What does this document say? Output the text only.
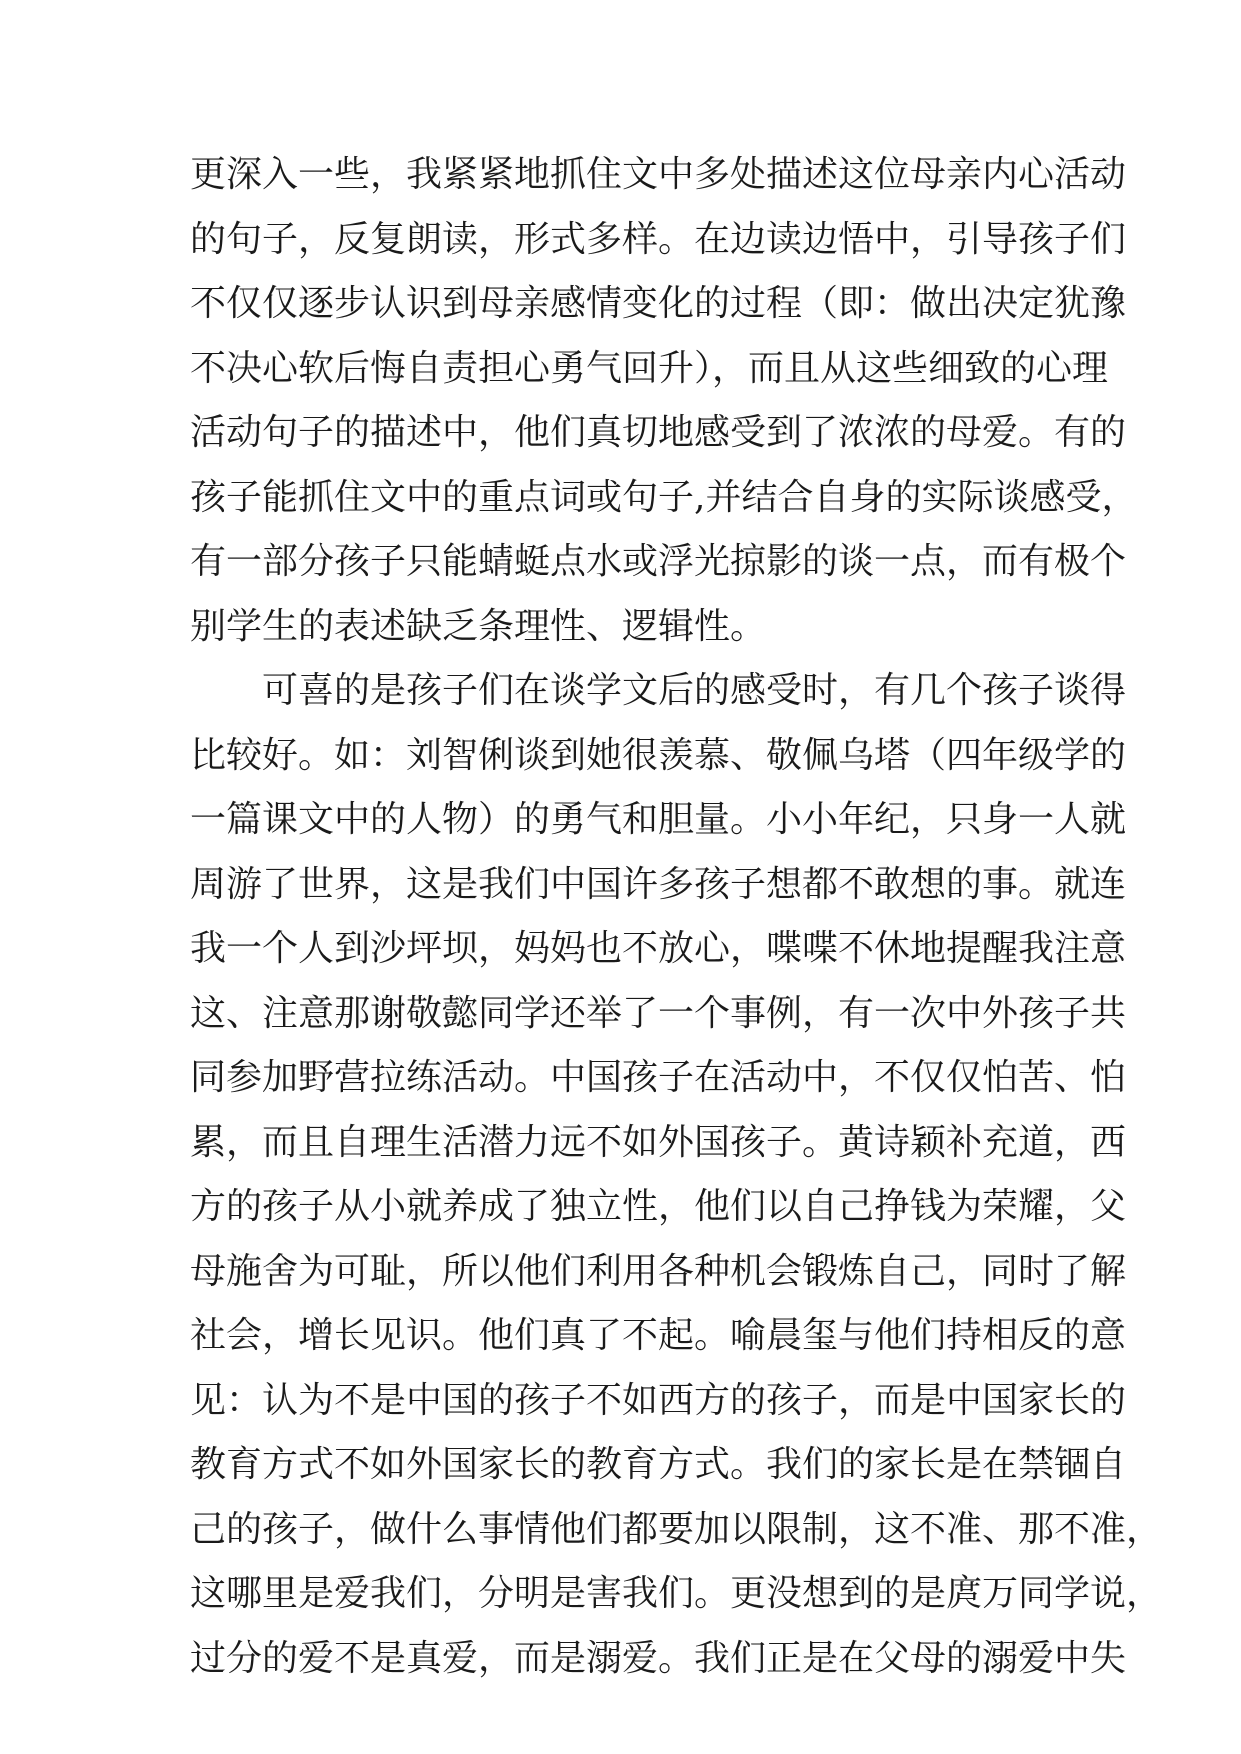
更深入一些，我紧紧地抓住文中多处描述这位母亲内心活动
的句子，反复朗读，形式多样。在边读边悟中，引导孩子们
不仅仅逐步认识到母亲感情变化的过程（即：做出决定犹豫
不决心软后悔自责担心勇气回升），而且从这些细致的心理
活动句子的描述中，他们真切地感受到了浓浓的母爱。有的
孩子能抓住文中的重点词或句子,并结合自身的实际谈感受，
有一部分孩子只能蜻蜓点水或浮光掠影的谈一点，而有极个
别学生的表述缺乏条理性、逻辑性。
可喜的是孩子们在谈学文后的感受时，有几个孩子谈得
比较好。如：刘智俐谈到她很羡慕、敬佩乌塔（四年级学的
一篇课文中的人物）的勇气和胆量。小小年纪，只身一人就
周游了世界，这是我们中国许多孩子想都不敢想的事。就连
我一个人到沙坪坝，妈妈也不放心，喋喋不休地提醒我注意
这、注意那谢敬懿同学还举了一个事例，有一次中外孩子共
同参加野营拉练活动。中国孩子在活动中，不仅仅怕苦、怕
累，而且自理生活潜力远不如外国孩子。黄诗颖补充道，西
方的孩子从小就养成了独立性，他们以自己挣钱为荣耀，父
母施舍为可耻，所以他们利用各种机会锻炼自己，同时了解
社会，增长见识。他们真了不起。喻晨玺与他们持相反的意
见：认为不是中国的孩子不如西方的孩子，而是中国家长的
教育方式不如外国家长的教育方式。我们的家长是在禁锢自
己的孩子，做什么事情他们都要加以限制，这不准、那不准，
这哪里是爱我们，分明是害我们。更没想到的是庹万同学说，
过分的爱不是真爱，而是溺爱。我们正是在父母的溺爱中失
